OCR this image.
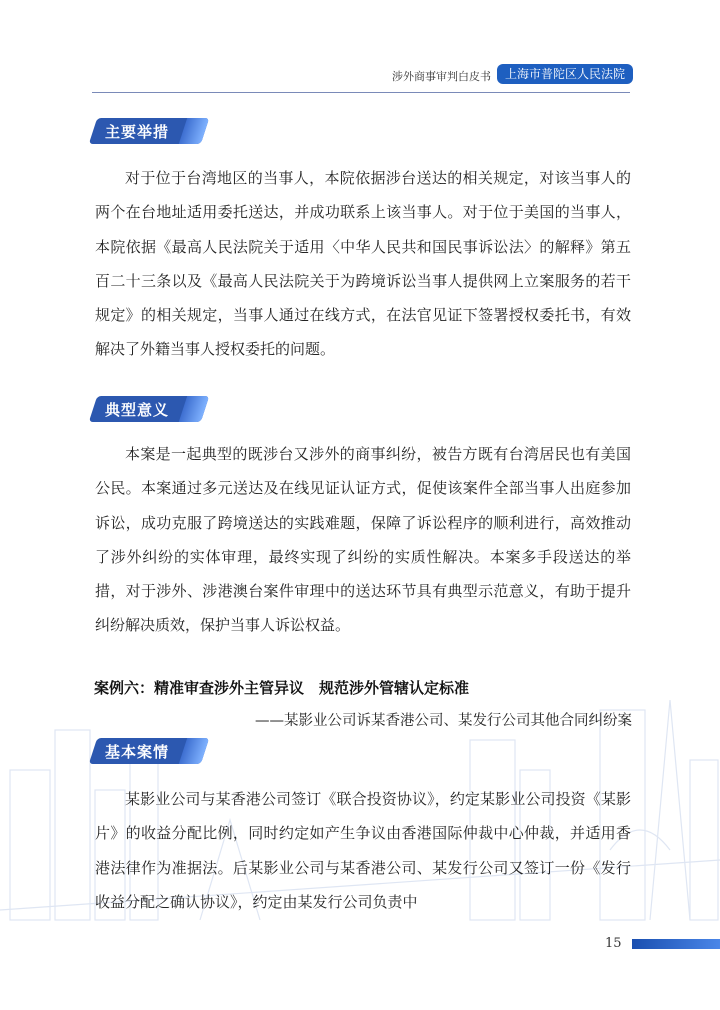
涉外商事审判白皮书	上海市普陀区人民法院
主要举措

对于位于台湾地区的当事人，本院依据涉台送达的相关规定，对该当事人的两个在台地址适用委托送达，并成功联系上该当事人。对于位于美国的当事人，本院依据《最高人民法院关于适用〈中华人民共和国民事诉讼法〉的解释》第五百二十三条以及《最高人民法院关于为跨境诉讼当事人提供网上立案服务的若干规定》的相关规定，当事人通过在线方式，在法官见证下签署授权委托书，有效解决了外籍当事人授权委托的问题。

典型意义

本案是一起典型的既涉台又涉外的商事纠纷，被告方既有台湾居民也有美国公民。本案通过多元送达及在线见证认证方式，促使该案件全部当事人出庭参加诉讼，成功克服了跨境送达的实践难题，保障了诉讼程序的顺利进行，高效推动了涉外纠纷的实体审理，最终实现了纠纷的实质性解决。本案多手段送达的举措，对于涉外、涉港澳台案件审理中的送达环节具有典型示范意义，有助于提升纠纷解决质效，保护当事人诉讼权益。

案例六：精准审查涉外主管异议　规范涉外管辖认定标准
——某影业公司诉某香港公司、某发行公司其他合同纠纷案
基本案情

某影业公司与某香港公司签订《联合投资协议》，约定某影业公司投资《某影片》的收益分配比例，同时约定如产生争议由香港国际仲裁中心仲裁，并适用香港法律作为准据法。后某影业公司与某香港公司、某发行公司又签订一份《发行收益分配之确认协议》，约定由某发行公司负责中

15
